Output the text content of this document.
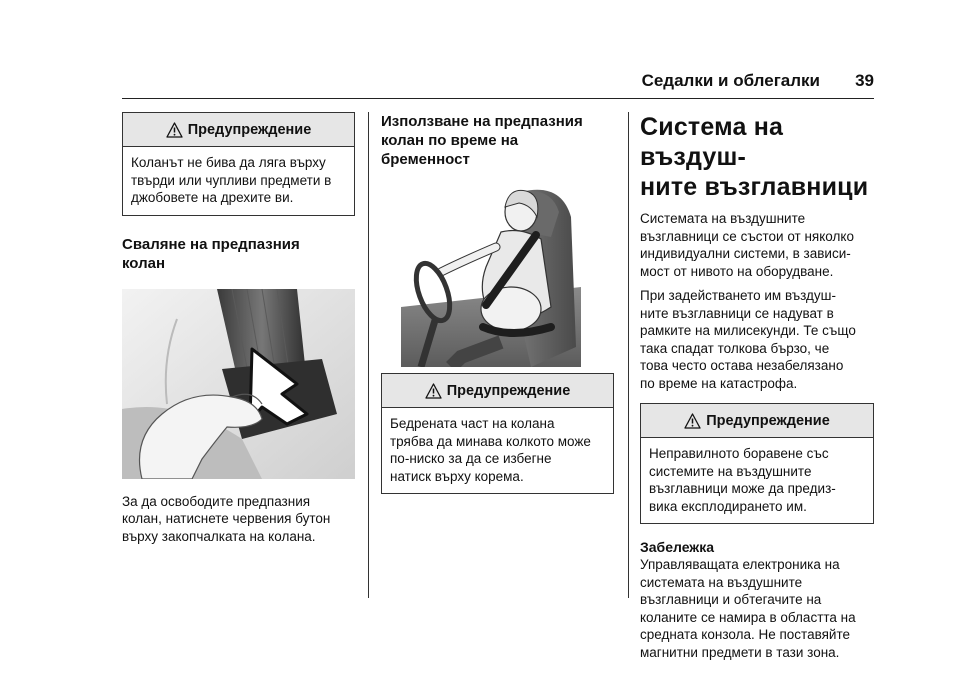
Седалки и облегалки 39
Предупреждение
Коланът не бива да ляга върху
твърди или чупливи предмети в
джобовете на дрехите ви.
Сваляне на предпазния
колан
За да освободите предпазния
колан, натиснете червения бутон
върху закопчалката на колана.
Използване на предпазния
колан по време на
бременност
Предупреждение
Бедрената част на колана
трябва да минава колкото може
по-ниско за да се избегне
натиск върху корема.
Система на въздуш-
ните възглавници
Системата на въздушните
възглавници се състои от няколко
индивидуални системи, в зависи-
мост от нивото на оборудване.
При задействането им въздуш-
ните възглавници се надуват в
рамките на милисекунди. Те също
така спадат толкова бързо, че
това често остава незабелязано
по време на катастрофа.
Предупреждение
Неправилното боравене със
системите на въздушните
възглавници може да предиз-
вика експлодирането им.
Забележка
Управляващата електроника на
системата на въздушните
възглавници и обтегачите на
коланите се намира в областта на
средната конзола. Не поставяйте
магнитни предмети в тази зона.
